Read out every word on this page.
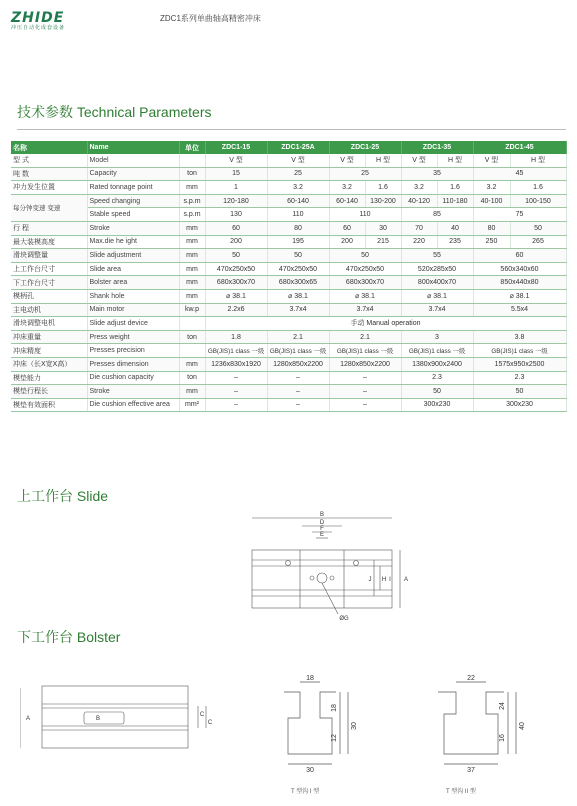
ZHIDE
冲压自动化成套设备
ZDC1系列单曲轴高精密冲床
技术参数 Technical Parameters
名称	Name	单位	ZDC1-15	ZDC1-25A	ZDC1-25		ZDC1-35		ZDC1-45	
型 式	Model		V 型	V 型	V 型	H 型	V 型	H 型	V 型	H 型
吨 数	Capacity	ton	15	25	25		35		45	
冲力发生位置	Rated tonnage point	mm	1	3.2	3.2	1.6	3.2	1.6	3.2	1.6
每分钟变速 变速	Speed changing	s.p.m	120-180	60-140	60-140	130-200	40-120	110-180	40-100	100-150
	Stable speed	s.p.m	130	110	110		85		75	
行 程	Stroke	mm	60	80	60	30	70	40	80	50
最大装模高度	Max.die he ight	mm	200	195	200	215	220	235	250	265
滑块调整量	Slide adjustment	mm	50	50	50		55		60	
上工作台尺寸	Slide area	mm	470x250x50	470x250x50	470x250x50		520x285x50		560x340x60	
下工作台尺寸	Bolster area	mm	680x300x70	680x300x65	680x300x70		800x400x70		850x440x80	
模柄孔	Shank hole	mm	⌀ 38.1	⌀ 38.1	⌀ 38.1		⌀ 38.1		⌀ 38.1	
主电动机	Main motor	kw.p	2.2x6	3.7x4	3.7x4		3.7x4		5.5x4	
滑块调整电机	Slide adjust device		手动 Manual operation							
冲床重量	Press weight	ton	1.8	2.1	2.1		3		3.8	
冲床精度	Presses precision		GB(JIS)1 class 一级	GB(JIS)1 class 一级	GB(JIS)1 class 一级		GB(JIS)1 class 一级		GB(JIS)1 class 一级	
冲床（长X宽X高）	Presses dimension	mm	1236x830x1920	1280x850x2200	1280x850x2200		1380x900x2400		1575x950x2500	
模垫能力	Die cushion capacity	ton	–	–	–		2.3		2.3	
模垫行程长	Stroke	mm	–	–	–		50		50	
模垫有效面积	Die cushion effective area	mm²	–	–	–		300x230		300x230	
上工作台 Slide
B
D
F
E
A
J H I
ØG
下工作台 Bolster
B
A
C
C
18
30
18
30
12
T 型沟 I 型
22
37
24
40
16
T 型沟 II 型
